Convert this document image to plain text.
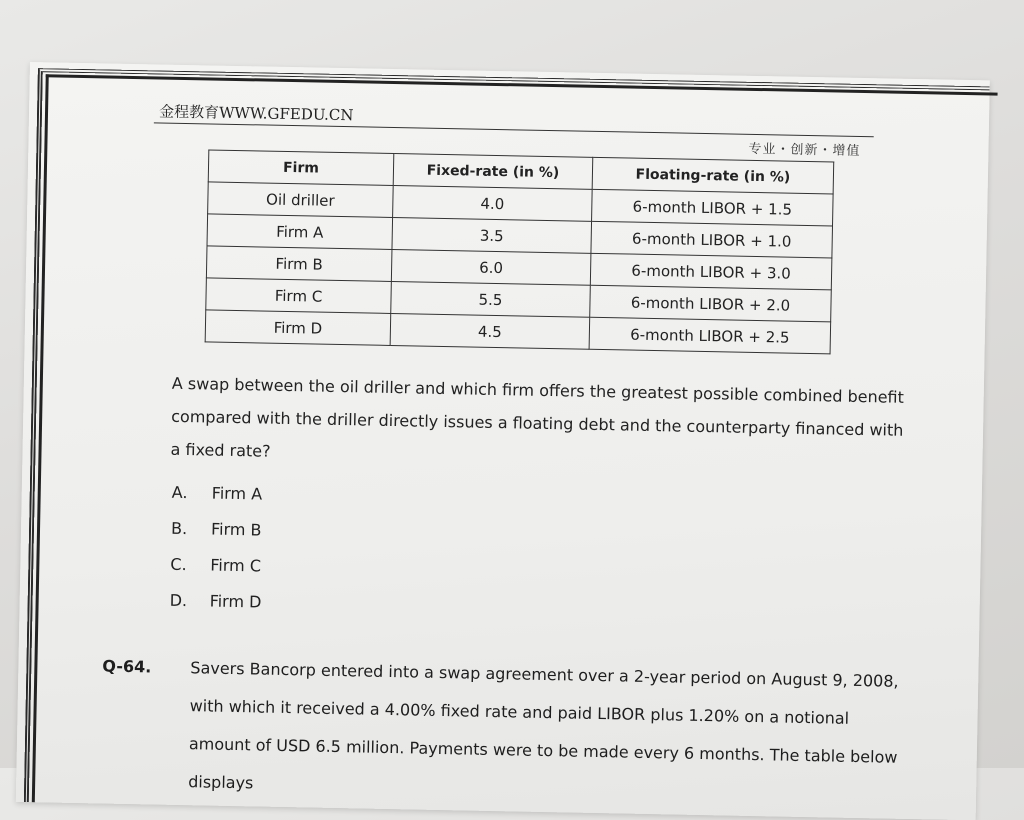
金程教育WWW.GFEDU.CN
专业・创新・增值
Firm	Fixed-rate (in %)	Floating-rate (in %)
Oil driller	4.0	6-month LIBOR + 1.5
Firm A	3.5	6-month LIBOR + 1.0
Firm B	6.0	6-month LIBOR + 3.0
Firm C	5.5	6-month LIBOR + 2.0
Firm D	4.5	6-month LIBOR + 2.5
A swap between the oil driller and which firm offers the greatest possible combined benefit compared with the driller directly issues a floating debt and the counterparty financed with a fixed rate?
A.	Firm A
B.	Firm B
C.	Firm C
D.	Firm D
Q-64. Savers Bancorp entered into a swap agreement over a 2-year period on August 9, 2008, with which it received a 4.00% fixed rate and paid LIBOR plus 1.20% on a notional amount of USD 6.5 million. Payments were to be made every 6 months. The table below displays
